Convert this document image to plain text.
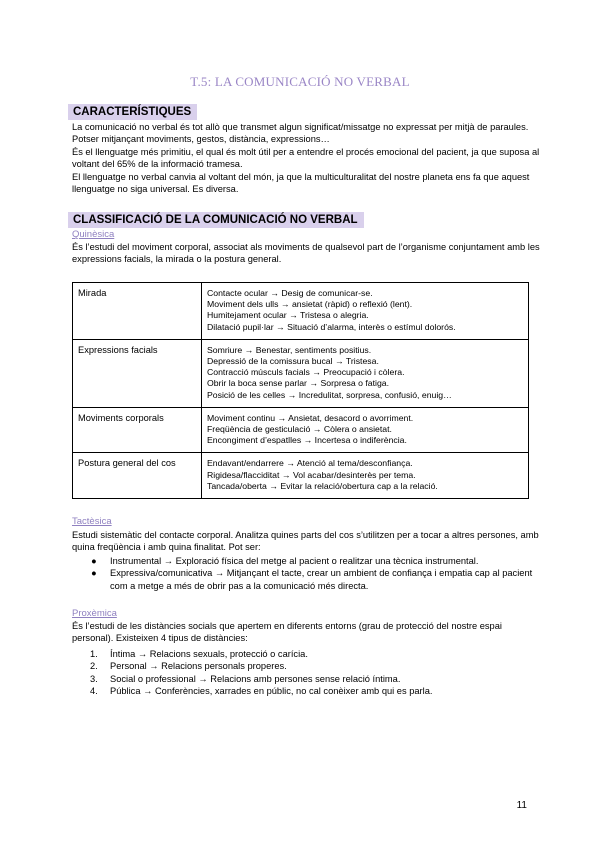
T.5: LA COMUNICACIÓ NO VERBAL
CARACTERÍSTIQUES

La comunicació no verbal és tot allò que transmet algun significat/missatge no expressat per mitjà de paraules. Potser mitjançant moviments, gestos, distància, expressions…

És el llenguatge més primitiu, el qual és molt útil per a entendre el procés emocional del pacient, ja que suposa al voltant del 65% de la informació tramesa.

El llenguatge no verbal canvia al voltant del món, ja que la multiculturalitat del nostre planeta ens fa que aquest llenguatge no siga universal. Es diversa.

CLASSIFICACIÓ DE LA COMUNICACIÓ NO VERBAL
Quinèsica
És l’estudi del moviment corporal, associat als moviments de qualsevol part de l’organisme conjuntament amb les expressions facials, la mirada o la postura general.
Mirada	Contacte ocular → Desig de comunicar-se.
Moviment dels ulls → ansietat (ràpid) o reflexió (lent).
Humitejament ocular → Tristesa o alegria.
Dilatació pupil·lar → Situació d’alarma, interès o estímul dolorós.

Expressions facials	Somriure → Benestar, sentiments positius.
Depressió de la comissura bucal → Tristesa.
Contracció músculs facials → Preocupació i còlera.
Obrir la boca sense parlar → Sorpresa o fatiga.
Posició de les celles → Incredulitat, sorpresa, confusió, enuig…

Moviments corporals	Moviment continu → Ansietat, desacord o avorriment.
Freqüència de gesticulació → Còlera o ansietat.
Encongiment d’espatlles → Incertesa o indiferència.

Postura general del cos	Endavant/endarrere → Atenció al tema/desconfiança.
Rigidesa/flacciditat → Vol acabar/desinterès per tema.
Tancada/oberta → Evitar la relació/obertura cap a la relació.
Tactèsica
Estudi sistemàtic del contacte corporal. Analitza quines parts del cos s’utilitzen per a tocar a altres persones, amb quina freqüència i amb quina finalitat. Pot ser:
● Instrumental → Exploració física del metge al pacient o realitzar una tècnica instrumental.
● Expressiva/comunicativa → Mitjançant el tacte, crear un ambient de confiança i empatia cap al pacient com a metge a més de obrir pas a la comunicació més directa.
Proxèmica
És l’estudi de les distàncies socials que apertem en diferents entorns (grau de protecció del nostre espai personal). Existeixen 4 tipus de distàncies:
1. Íntima → Relacions sexuals, protecció o carícia.
2. Personal → Relacions personals properes.
3. Social o professional → Relacions amb persones sense relació íntima.
4. Pública → Conferències, xarrades en públic, no cal conèixer amb qui es parla.
11
